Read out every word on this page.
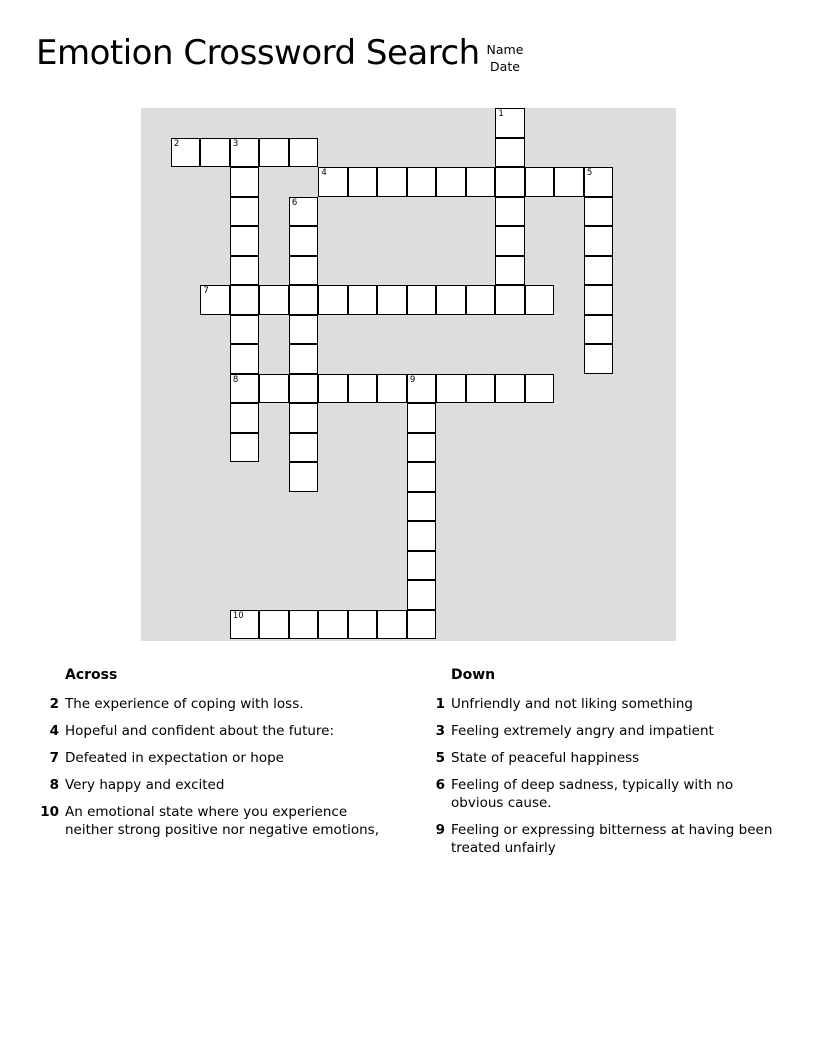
Emotion Crossword Search Name
Date
1
2	3
8
4	5
6
7
9
10
Across
2 The experience of coping with loss.
4 Hopeful and confident about the future:
7 Defeated in expectation or hope
8 Very happy and excited
10 An emotional state where you experience neither strong positive nor negative emotions,
Down
1 Unfriendly and not liking something
3 Feeling extremely angry and impatient
5 State of peaceful happiness
6 Feeling of deep sadness, typically with no obvious cause.
9 Feeling or expressing bitterness at having been treated unfairly
